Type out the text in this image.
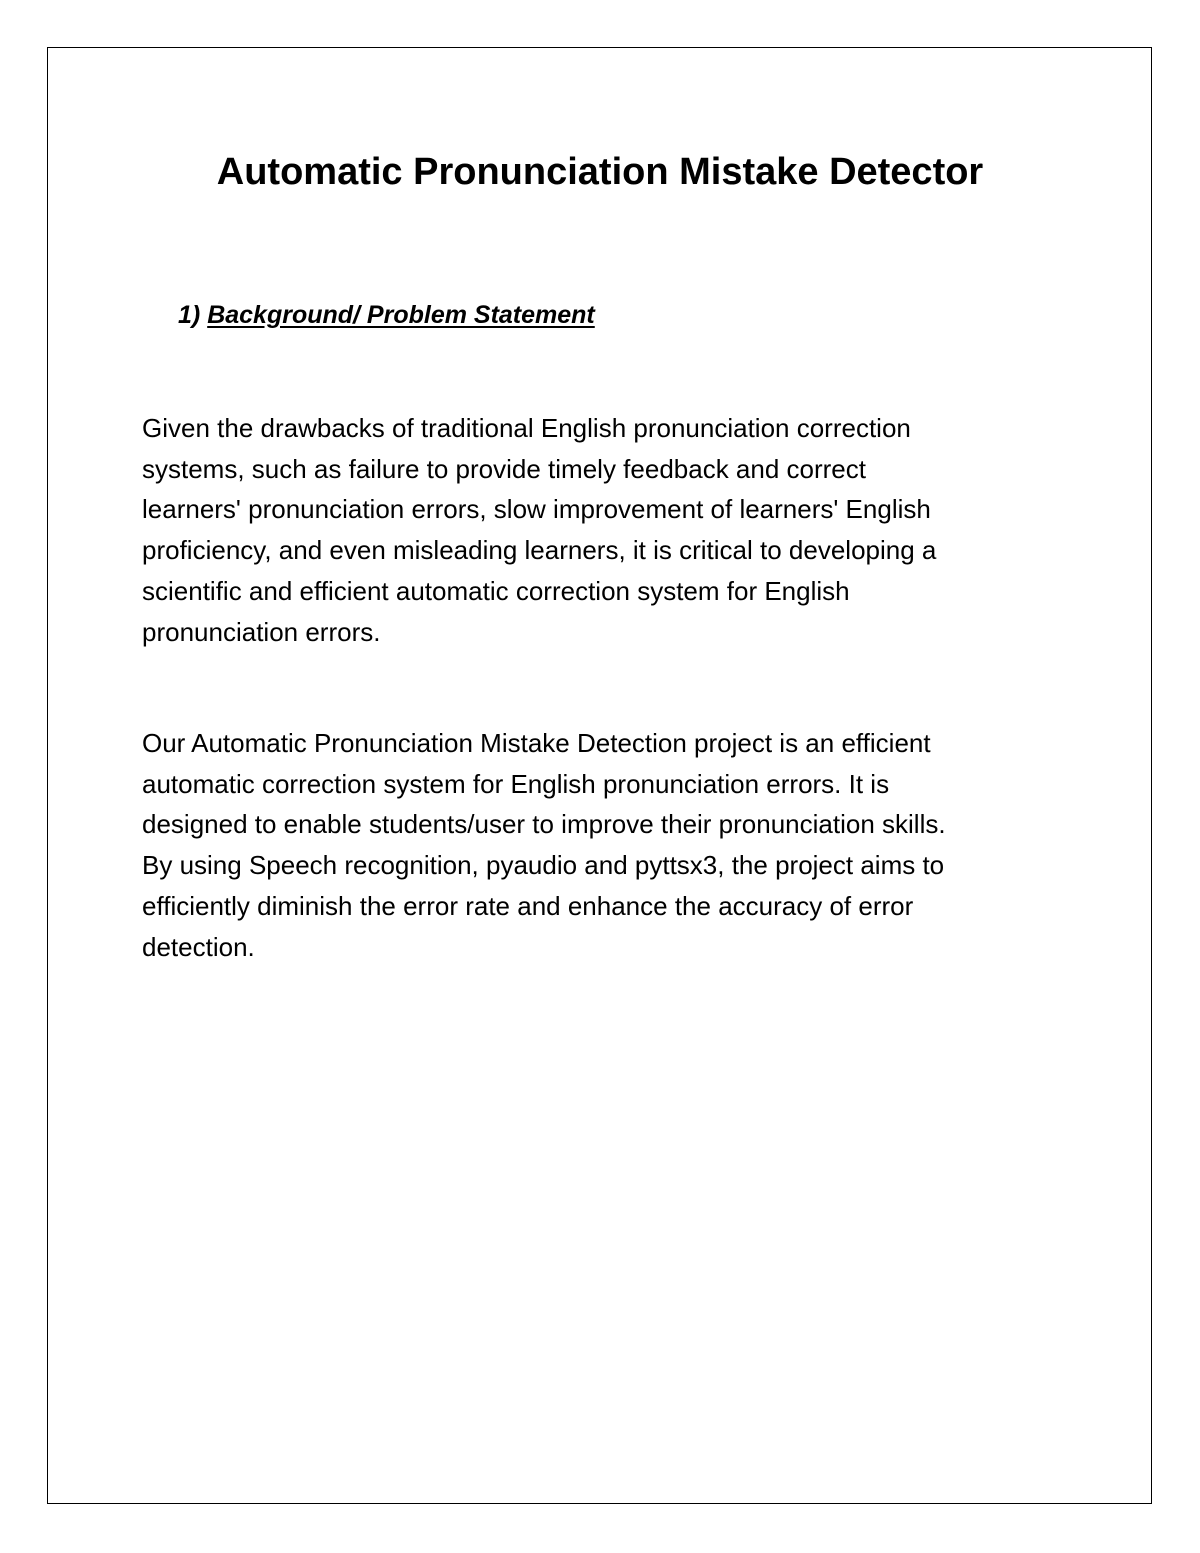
Automatic Pronunciation Mistake Detector
1) Background/ Problem Statement

Given the drawbacks of traditional English pronunciation correction
systems, such as failure to provide timely feedback and correct
learners' pronunciation errors, slow improvement of learners' English
proficiency, and even misleading learners, it is critical to developing a
scientific and efficient automatic correction system for English
pronunciation errors.

Our Automatic Pronunciation Mistake Detection project is an efficient
automatic correction system for English pronunciation errors. It is
designed to enable students/user to improve their pronunciation skills.
By using Speech recognition, pyaudio and pyttsx3, the project aims to
efficiently diminish the error rate and enhance the accuracy of error
detection.
